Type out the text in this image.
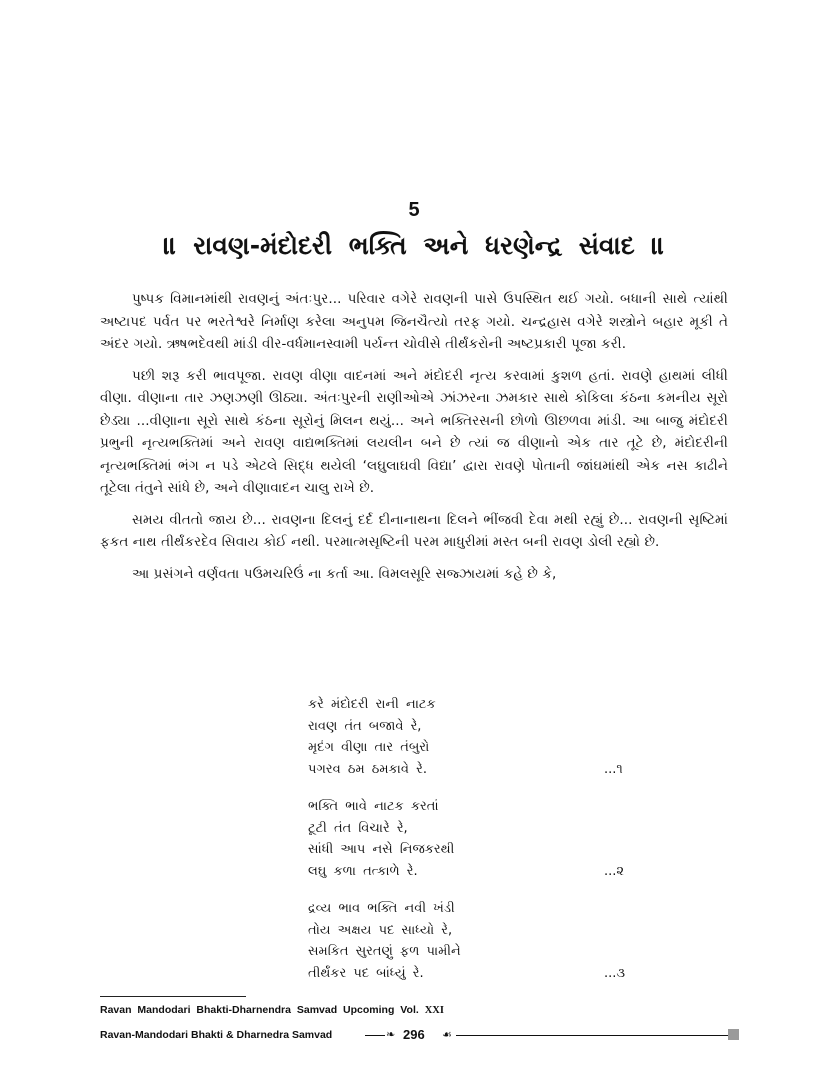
5
॥ રાવણ-મંદોદરી ભક્તિ અને ધરણેન્દ્ર સંવાદ ॥

પુષ્પક વિમાનમાંથી રાવણનું અંતઃપુર... પરિવાર વગેરે રાવણની પાસે ઉપસ્થિત થઈ ગયો. બધાની સાથે ત્યાંથી અષ્ટાપદ પર્વત પર ભરતેશ્વરે નિર્માણ કરેલા અનુપમ જિનચૈત્યો તરફ ગયો. ચન્દ્રહાસ વગેરે શસ્ત્રોને બહાર મૂકી તે અંદર ગયો. ઋષભદેવથી માંડી વીર-વર્ધમાનસ્વામી પર્યન્ત ચોવીસે તીર્થંકરોની અષ્ટપ્રકારી પૂજા કરી.

પછી શરૂ કરી ભાવપૂજા. રાવણ વીણા વાદનમાં અને મંદોદરી નૃત્ય કરવામાં કુશળ હતાં. રાવણે હાથમાં લીધી વીણા. વીણાના તાર ઝણઝણી ઊઠ્યા. અંતઃપુરની રાણીઓએ ઝાંઝરના ઝમકાર સાથે કોકિલા કંઠના કમનીય સૂરો છેડ્યા ...વીણાના સૂરો સાથે કંઠના સૂરોનું મિલન થયું... અને ભક્તિરસની છોળો ઊછળવા માંડી. આ બાજુ મંદોદરી પ્રભુની નૃત્યભક્તિમાં અને રાવણ વાદ્યભક્તિમાં લયલીન બને છે ત્યાં જ વીણાનો એક તાર તૂટે છે, મંદોદરીની નૃત્યભક્તિમાં ભંગ ન પડે એટલે સિદ્ધ થયેલી ‘લઘુલાઘવી વિદ્યા’ દ્વારા રાવણે પોતાની જાંઘમાંથી એક નસ કાઢીને તૂટેલા તંતુને સાંધે છે, અને વીણાવાદન ચાલુ રાખે છે.

સમય વીતતો જાય છે... રાવણના દિલનું દર્દ દીનાનાથના દિલને ભીંજવી દેવા મથી રહ્યું છે... રાવણની સૃષ્ટિમાં ફકત નાથ તીર્થંકરદેવ સિવાય કોઈ નથી. પરમાત્મસૃષ્ટિની પરમ માધુરીમાં મસ્ત બની રાવણ ડોલી રહ્યો છે.

આ પ્રસંગને વર્ણવતા પઉમચરિઉં ના કર્તા આ. વિમલસૂરિ સજ્ઝાયમાં કહે છે કે,

કરે મંદોદરી રાની નાટક
રાવણ તંત બજાવે રે,
મૃદંગ વીણા તાર તંબુરો
પગરવ ઠમ ઠમકાવે રે.	...૧
ભક્તિ ભાવે નાટક કરતાં
ટૂટી તંત વિચારે રે,
સાંધી આપ નસે નિજકરથી
લઘુ કળા તત્કાળે રે.	...૨
દ્રવ્ય ભાવ ભક્તિ નવી ખંડી
તોય અક્ષય પદ સાધ્યો રે,
સમકિત સુરતણું ફળ પામીને
તીર્થંકર પદ બાંધ્યું રે.	...૩
Ravan Mandodari Bhakti-Dharnendra Samvad Upcoming Vol. XXI
Ravan-Mandodari Bhakti & Dharnedra Samvad	❧ 296 ☙
